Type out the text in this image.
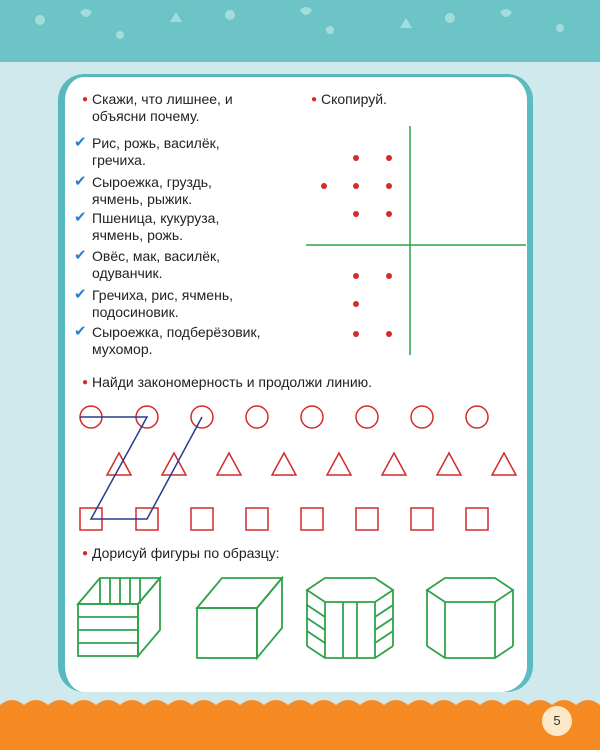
5
● Скажи, что лишнее, и объясни почему.
✔ Рис, рожь, василёк, гречиха.
✔ Сыроежка, груздь, ячмень, рыжик.
✔ Пшеница, кукуруза, ячмень, рожь.
✔ Овёс, мак, василёк, одуванчик.
✔ Гречиха, рис, ячмень, подосиновик.
✔ Сыроежка, подберёзовик, мухомор.
● Скопируй.
● Найди закономерность и продолжи линию.
● Дорисуй фигуры по образцу:
